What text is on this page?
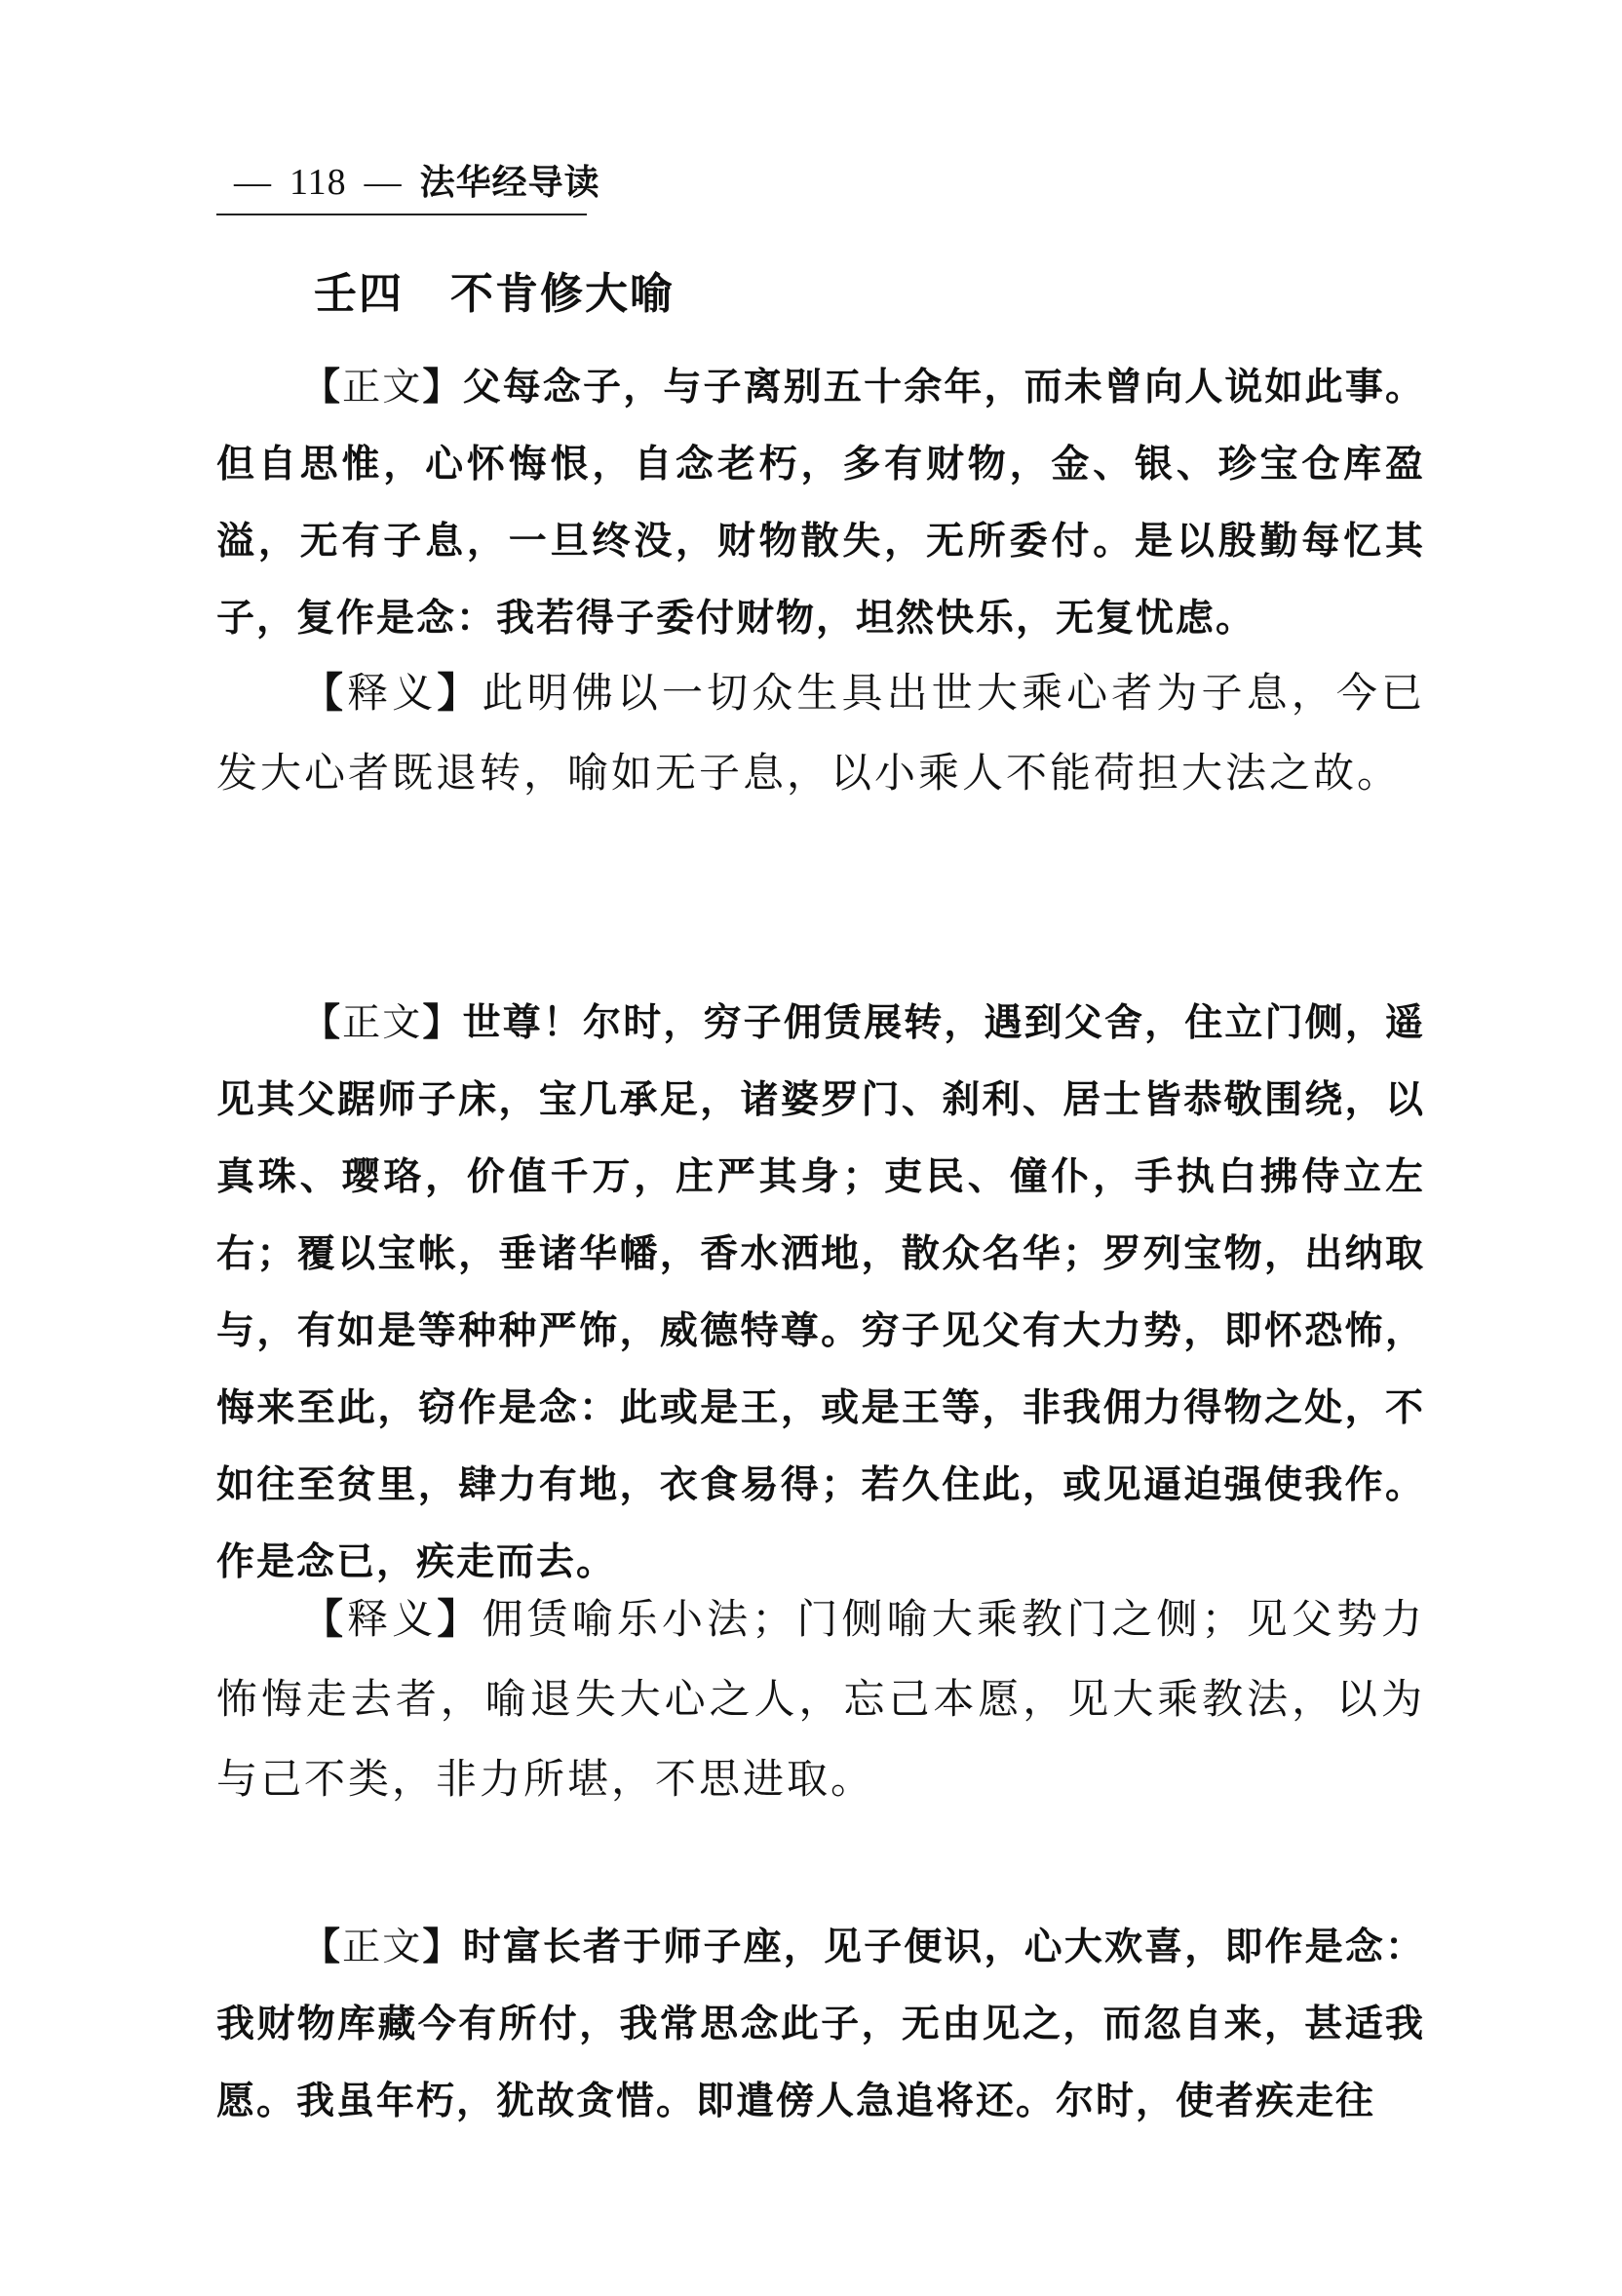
— 118 — 法华经导读
壬四 不肯修大喻

【正文】父每念子，与子离别五十余年，而未曾向人说如此事。但自思惟，心怀悔恨，自念老朽，多有财物，金、银、珍宝仓库盈溢，无有子息，一旦终没，财物散失，无所委付。是以殷勤每忆其子，复作是念：我若得子委付财物，坦然快乐，无复忧虑。

【释义】此明佛以一切众生具出世大乘心者为子息，今已发大心者既退转，喻如无子息，以小乘人不能荷担大法之故。

【正文】世尊！尔时，穷子佣赁展转，遇到父舍，住立门侧，遥见其父踞师子床，宝几承足，诸婆罗门、刹利、居士皆恭敬围绕，以真珠、璎珞，价值千万，庄严其身；吏民、僮仆，手执白拂侍立左右；覆以宝帐，垂诸华幡，香水洒地，散众名华；罗列宝物，出纳取与，有如是等种种严饰，威德特尊。穷子见父有大力势，即怀恐怖，悔来至此，窃作是念：此或是王，或是王等，非我佣力得物之处，不如往至贫里，肆力有地，衣食易得；若久住此，或见逼迫强使我作。作是念已，疾走而去。

【释义】佣赁喻乐小法；门侧喻大乘教门之侧；见父势力怖悔走去者，喻退失大心之人，忘己本愿，见大乘教法，以为与己不类，非力所堪，不思进取。

【正文】时富长者于师子座，见子便识，心大欢喜，即作是念：我财物库藏今有所付，我常思念此子，无由见之，而忽自来，甚适我愿。我虽年朽，犹故贪惜。即遣傍人急追将还。尔时，使者疾走往
